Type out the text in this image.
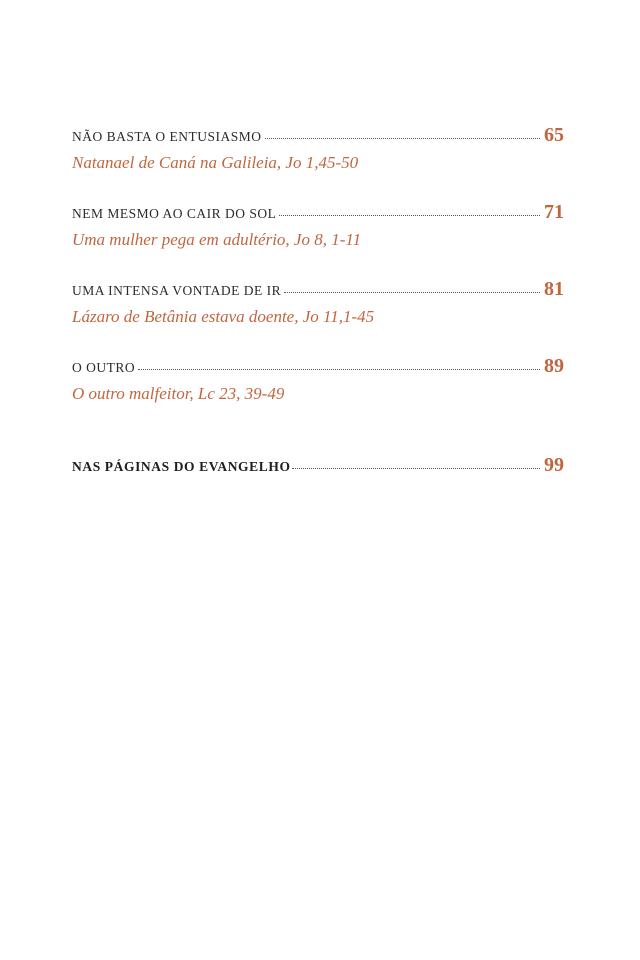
NÃO BASTA O ENTUSIASMO	65
Natanael de Caná na Galileia, Jo 1,45-50
NEM MESMO AO CAIR DO SOL	71
Uma mulher pega em adultério, Jo 8, 1-11
UMA INTENSA VONTADE DE IR	81
Lázaro de Betânia estava doente, Jo 11,1-45
O OUTRO	89
O outro malfeitor, Lc 23, 39-49
NAS PÁGINAS DO EVANGELHO	99
